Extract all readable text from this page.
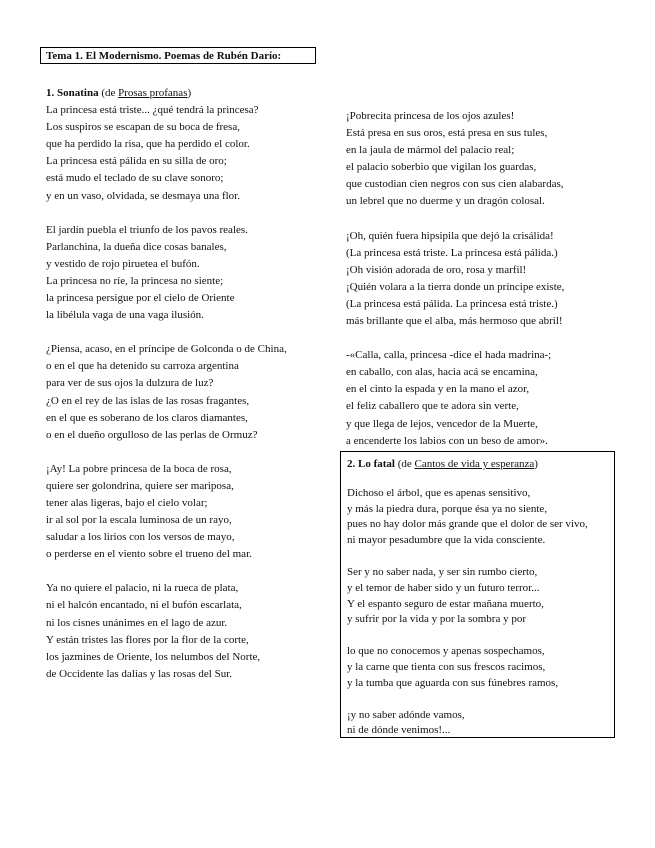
Tema 1. El Modernismo. Poemas de Rubén Darío:
1. Sonatina (de Prosas profanas)
La princesa está triste... ¿qué tendrá la princesa?
Los suspiros se escapan de su boca de fresa,
que ha perdido la risa, que ha perdido el color.
La princesa está pálida en su silla de oro;
está mudo el teclado de su clave sonoro;
y en un vaso, olvidada, se desmaya una flor.
El jardín puebla el triunfo de los pavos reales.
Parlanchina, la dueña dice cosas banales,
y vestido de rojo piruetea el bufón.
La princesa no ríe, la princesa no siente;
la princesa persigue por el cielo de Oriente
la libélula vaga de una vaga ilusión.
¿Piensa, acaso, en el príncipe de Golconda o de China,
o en el que ha detenido su carroza argentina
para ver de sus ojos la dulzura de luz?
¿O en el rey de las islas de las rosas fragantes,
en el que es soberano de los claros diamantes,
o en el dueño orgulloso de las perlas de Ormuz?
¡Ay! La pobre princesa de la boca de rosa,
quiere ser golondrina, quiere ser mariposa,
tener alas ligeras, bajo el cielo volar;
ir al sol por la escala luminosa de un rayo,
saludar a los lirios con los versos de mayo,
o perderse en el viento sobre el trueno del mar.
Ya no quiere el palacio, ni la rueca de plata,
ni el halcón encantado, ni el bufón escarlata,
ni los cisnes unánimes en el lago de azur.
Y están tristes las flores por la flor de la corte,
los jazmines de Oriente, los nelumbos del Norte,
de Occidente las dalias y las rosas del Sur.
¡Pobrecita princesa de los ojos azules!
Está presa en sus oros, está presa en sus tules,
en la jaula de mármol del palacio real;
el palacio soberbio que vigilan los guardas,
que custodian cien negros con sus cien alabardas,
un lebrel que no duerme y un dragón colosal.
¡Oh, quién fuera hipsipila que dejó la crisálida!
(La princesa está triste. La princesa está pálida.)
¡Oh visión adorada de oro, rosa y marfil!
¡Quién volara a la tierra donde un príncipe existe,
(La princesa está pálida. La princesa está triste.)
más brillante que el alba, más hermoso que abril!
-«Calla, calla, princesa -dice el hada madrina-;
en caballo, con alas, hacia acá se encamina,
en el cinto la espada y en la mano el azor,
el feliz caballero que te adora sin verte,
y que llega de lejos, vencedor de la Muerte,
a encenderte los labios con un beso de amor».
2. Lo fatal (de Cantos de vida y esperanza)
Dichoso el árbol, que es apenas sensitivo,
y más la piedra dura, porque ésa ya no siente,
pues no hay dolor más grande que el dolor de ser vivo,
ni mayor pesadumbre que la vida consciente.
Ser y no saber nada, y ser sin rumbo cierto,
y el temor de haber sido y un futuro terror...
Y el espanto seguro de estar mañana muerto,
y sufrir por la vida y por la sombra y por
lo que no conocemos y apenas sospechamos,
y la carne que tienta con sus frescos racimos,
y la tumba que aguarda con sus fúnebres ramos,
¡y no saber adónde vamos,
ni de dónde venimos!...
